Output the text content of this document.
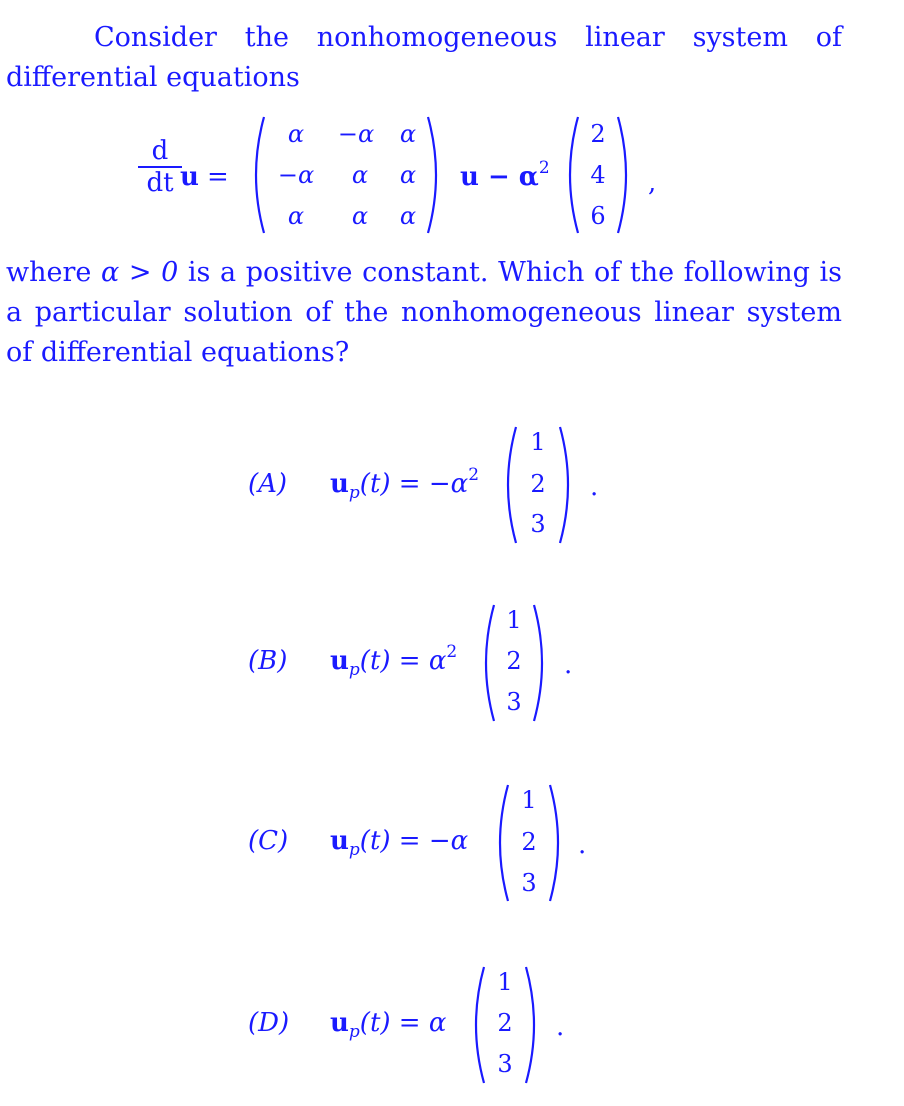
Consider the nonhomogeneous linear system of differential equations
d
dt u =
α	−α	α
−α	α	α
α	α	α
$u - \alpha^2$
2
4
6
,
where α > 0 is a positive constant. Which of the following is a particular solution of the nonhomogeneous linear system of differential equations?
(A) $u_p(t) = -\alpha^2$
1
2
3
.
(B) $u_p(t) = \alpha^2$
1
2
3
.
(C) $u_p(t) = -\alpha$
1
2
3
.
(D) $u_p(t) = \alpha$
1
2
3
.
